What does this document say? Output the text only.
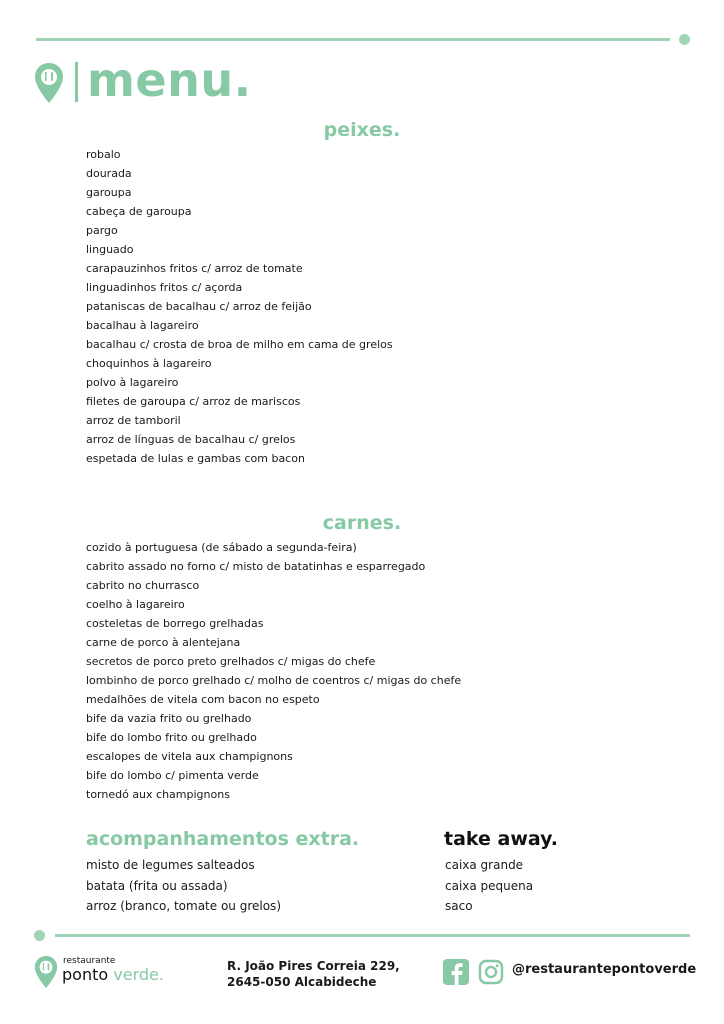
menu.
peixes.
robalo
dourada
garoupa
cabeça de garoupa
pargo
linguado
carapauzinhos fritos c/ arroz de tomate
linguadinhos fritos c/ açorda
pataniscas de bacalhau c/ arroz de feijão
bacalhau à lagareiro
bacalhau c/ crosta de broa de milho em cama de grelos
choquinhos à lagareiro
polvo à lagareiro
filetes de garoupa c/ arroz de mariscos
arroz de tamboril
arroz de línguas de bacalhau c/ grelos
espetada de lulas e gambas com bacon
carnes.
cozido à portuguesa (de sábado a segunda-feira)
cabrito assado no forno c/ misto de batatinhas e esparregado
cabrito no churrasco
coelho à lagareiro
costeletas de borrego grelhadas
carne de porco à alentejana
secretos de porco preto grelhados c/ migas do chefe
lombinho de porco grelhado c/ molho de coentros c/ migas do chefe
medalhões de vitela com bacon no espeto
bife da vazia frito ou grelhado
bife do lombo frito ou grelhado
escalopes de vitela aux champignons
bife do lombo c/ pimenta verde
tornedó aux champignons
acompanhamentos extra.
misto de legumes salteados
batata (frita ou assada)
arroz (branco, tomate ou grelos)
take away.
caixa grande
caixa pequena
saco
restaurante
ponto verde.	R. João Pires Correia 229,
2645-050 Alcabideche
@restaurantepontoverde
